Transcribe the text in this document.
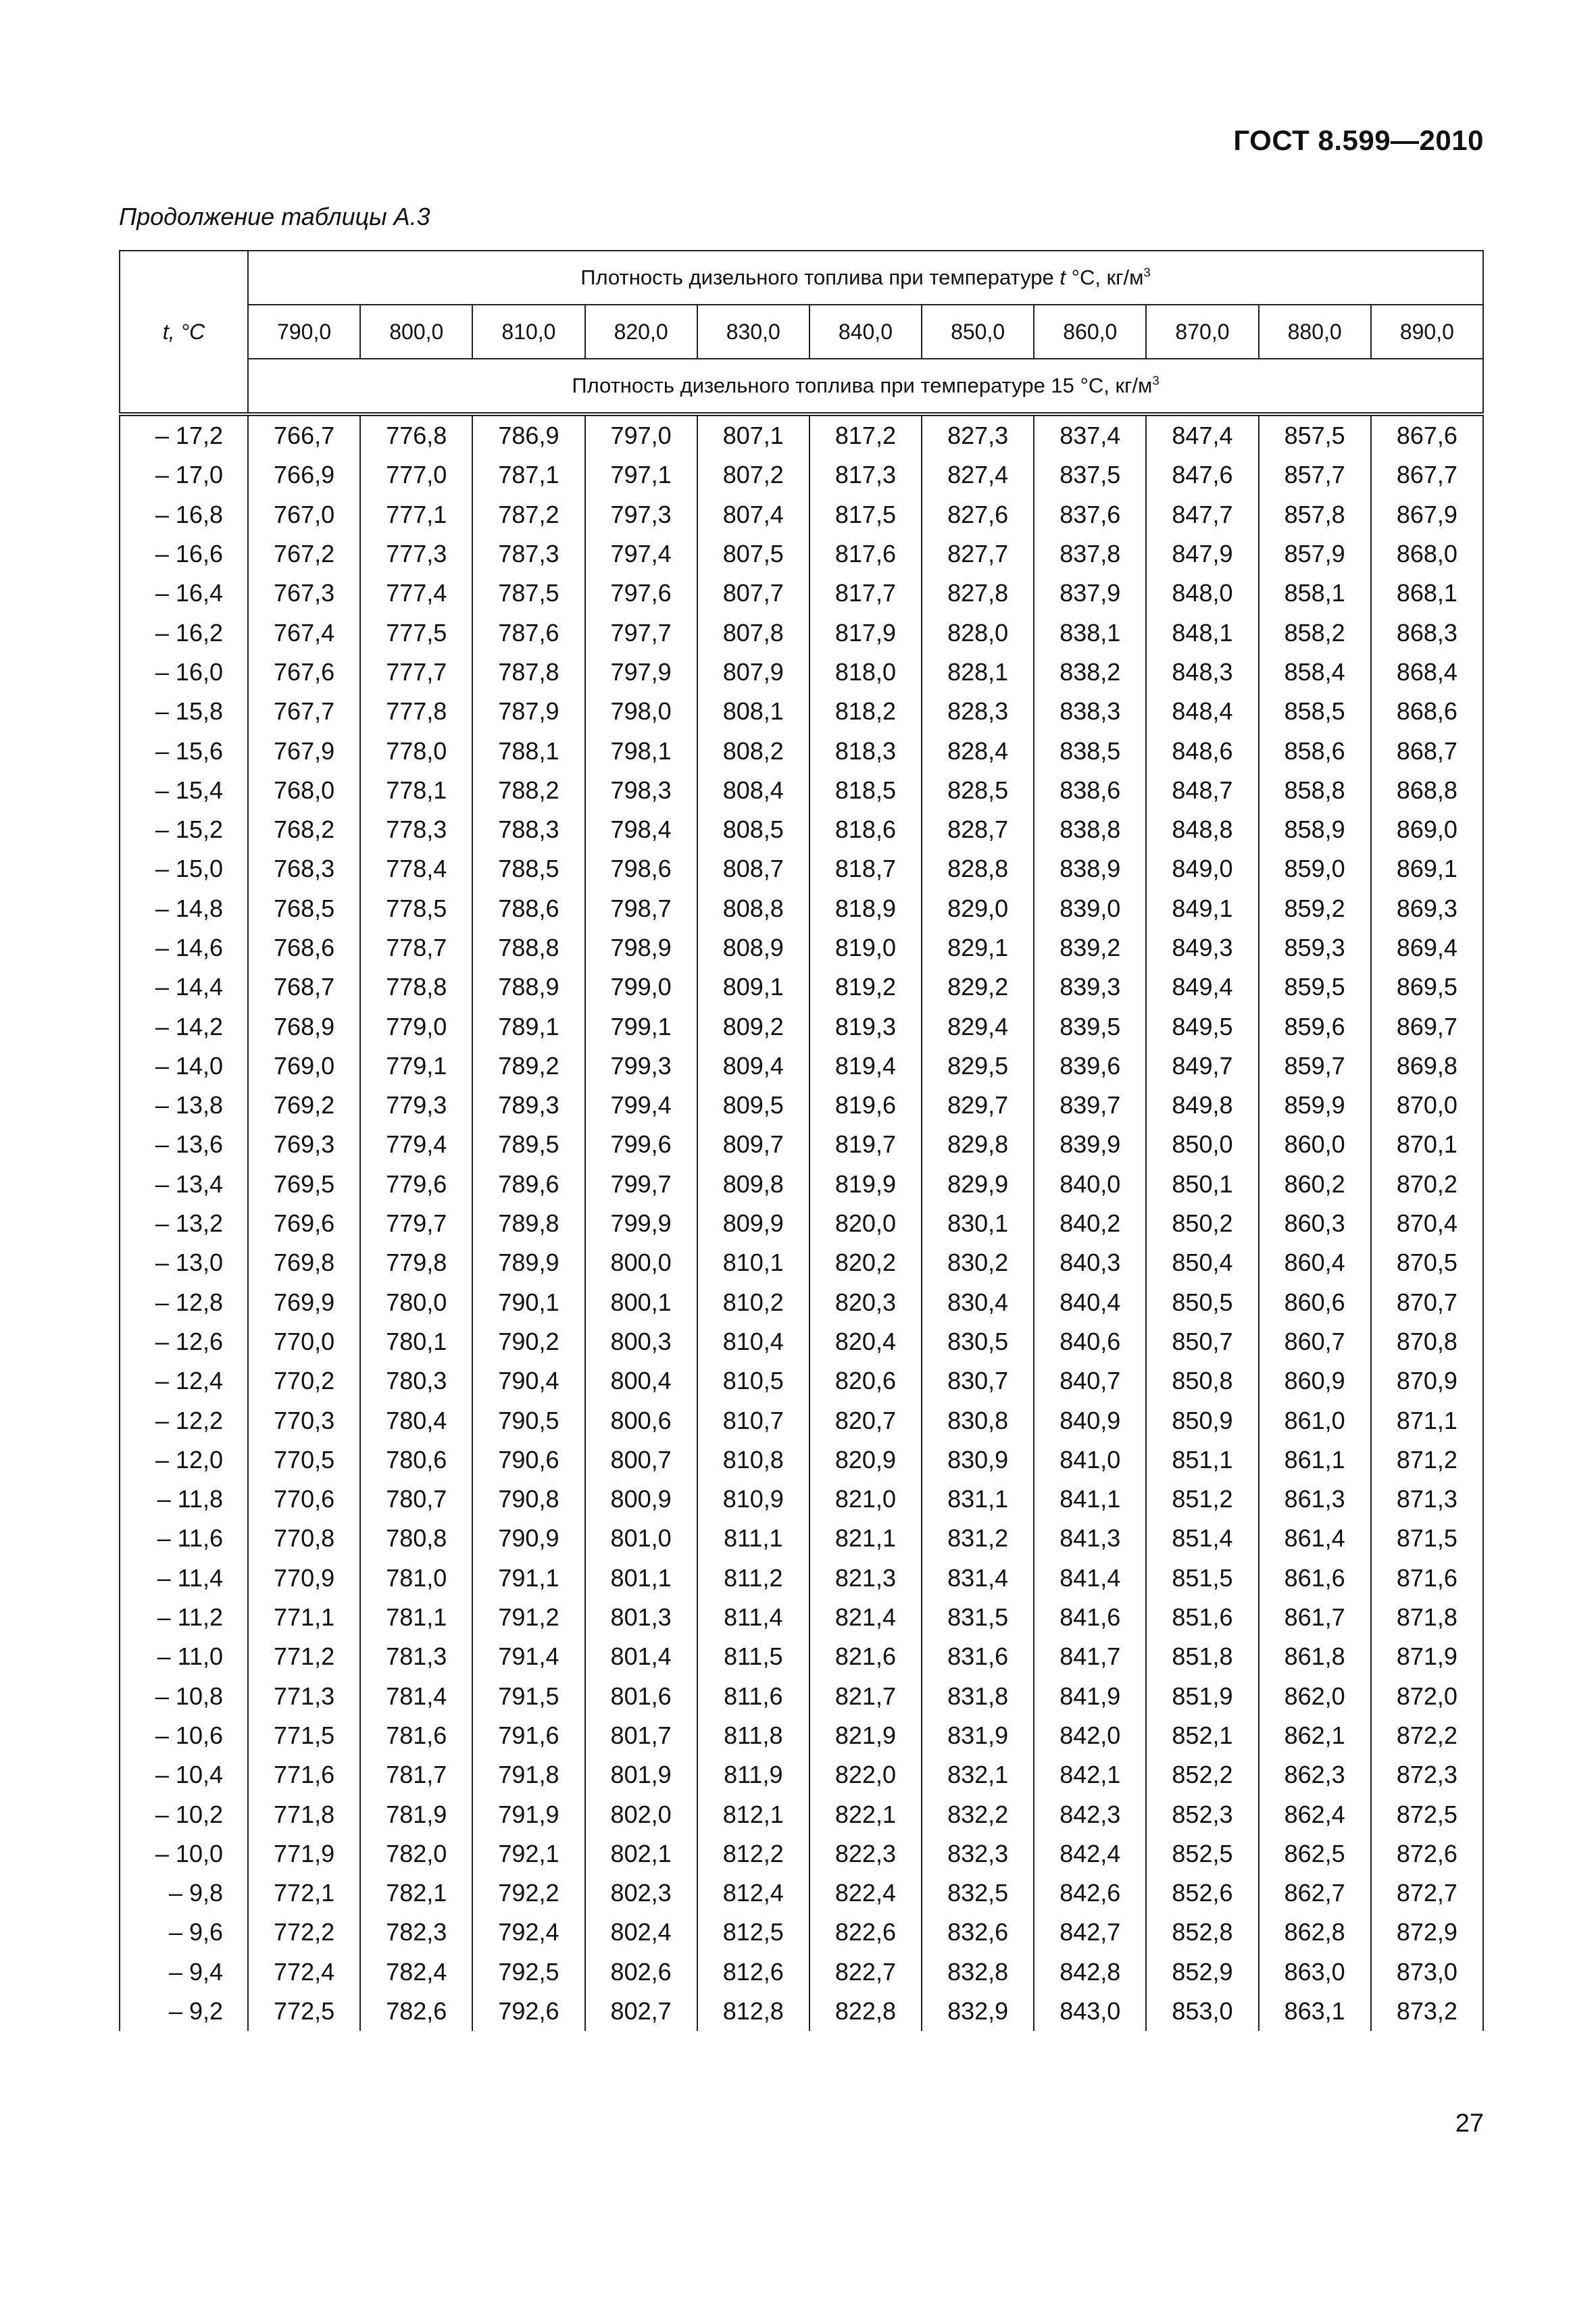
ГОСТ 8.599—2010
Продолжение таблицы А.3
t, °C	Плотность дизельного топлива при температуре t °C, $кг/м^3$
	790,0	800,0	810,0	820,0	830,0	840,0	850,0	860,0	870,0	880,0	890,0
	Плотность дизельного топлива при температуре 15 °C, $кг/м^3$
– 17,2	766,7	776,8	786,9	797,0	807,1	817,2	827,3	837,4	847,4	857,5	867,6
– 17,0	766,9	777,0	787,1	797,1	807,2	817,3	827,4	837,5	847,6	857,7	867,7
– 16,8	767,0	777,1	787,2	797,3	807,4	817,5	827,6	837,6	847,7	857,8	867,9
– 16,6	767,2	777,3	787,3	797,4	807,5	817,6	827,7	837,8	847,9	857,9	868,0
– 16,4	767,3	777,4	787,5	797,6	807,7	817,7	827,8	837,9	848,0	858,1	868,1
– 16,2	767,4	777,5	787,6	797,7	807,8	817,9	828,0	838,1	848,1	858,2	868,3
– 16,0	767,6	777,7	787,8	797,9	807,9	818,0	828,1	838,2	848,3	858,4	868,4
– 15,8	767,7	777,8	787,9	798,0	808,1	818,2	828,3	838,3	848,4	858,5	868,6
– 15,6	767,9	778,0	788,1	798,1	808,2	818,3	828,4	838,5	848,6	858,6	868,7
– 15,4	768,0	778,1	788,2	798,3	808,4	818,5	828,5	838,6	848,7	858,8	868,8
– 15,2	768,2	778,3	788,3	798,4	808,5	818,6	828,7	838,8	848,8	858,9	869,0
– 15,0	768,3	778,4	788,5	798,6	808,7	818,7	828,8	838,9	849,0	859,0	869,1
– 14,8	768,5	778,5	788,6	798,7	808,8	818,9	829,0	839,0	849,1	859,2	869,3
– 14,6	768,6	778,7	788,8	798,9	808,9	819,0	829,1	839,2	849,3	859,3	869,4
– 14,4	768,7	778,8	788,9	799,0	809,1	819,2	829,2	839,3	849,4	859,5	869,5
– 14,2	768,9	779,0	789,1	799,1	809,2	819,3	829,4	839,5	849,5	859,6	869,7
– 14,0	769,0	779,1	789,2	799,3	809,4	819,4	829,5	839,6	849,7	859,7	869,8
– 13,8	769,2	779,3	789,3	799,4	809,5	819,6	829,7	839,7	849,8	859,9	870,0
– 13,6	769,3	779,4	789,5	799,6	809,7	819,7	829,8	839,9	850,0	860,0	870,1
– 13,4	769,5	779,6	789,6	799,7	809,8	819,9	829,9	840,0	850,1	860,2	870,2
– 13,2	769,6	779,7	789,8	799,9	809,9	820,0	830,1	840,2	850,2	860,3	870,4
– 13,0	769,8	779,8	789,9	800,0	810,1	820,2	830,2	840,3	850,4	860,4	870,5
– 12,8	769,9	780,0	790,1	800,1	810,2	820,3	830,4	840,4	850,5	860,6	870,7
– 12,6	770,0	780,1	790,2	800,3	810,4	820,4	830,5	840,6	850,7	860,7	870,8
– 12,4	770,2	780,3	790,4	800,4	810,5	820,6	830,7	840,7	850,8	860,9	870,9
– 12,2	770,3	780,4	790,5	800,6	810,7	820,7	830,8	840,9	850,9	861,0	871,1
– 12,0	770,5	780,6	790,6	800,7	810,8	820,9	830,9	841,0	851,1	861,1	871,2
– 11,8	770,6	780,7	790,8	800,9	810,9	821,0	831,1	841,1	851,2	861,3	871,3
– 11,6	770,8	780,8	790,9	801,0	811,1	821,1	831,2	841,3	851,4	861,4	871,5
– 11,4	770,9	781,0	791,1	801,1	811,2	821,3	831,4	841,4	851,5	861,6	871,6
– 11,2	771,1	781,1	791,2	801,3	811,4	821,4	831,5	841,6	851,6	861,7	871,8
– 11,0	771,2	781,3	791,4	801,4	811,5	821,6	831,6	841,7	851,8	861,8	871,9
– 10,8	771,3	781,4	791,5	801,6	811,6	821,7	831,8	841,9	851,9	862,0	872,0
– 10,6	771,5	781,6	791,6	801,7	811,8	821,9	831,9	842,0	852,1	862,1	872,2
– 10,4	771,6	781,7	791,8	801,9	811,9	822,0	832,1	842,1	852,2	862,3	872,3
– 10,2	771,8	781,9	791,9	802,0	812,1	822,1	832,2	842,3	852,3	862,4	872,5
– 10,0	771,9	782,0	792,1	802,1	812,2	822,3	832,3	842,4	852,5	862,5	872,6
– 9,8	772,1	782,1	792,2	802,3	812,4	822,4	832,5	842,6	852,6	862,7	872,7
– 9,6	772,2	782,3	792,4	802,4	812,5	822,6	832,6	842,7	852,8	862,8	872,9
– 9,4	772,4	782,4	792,5	802,6	812,6	822,7	832,8	842,8	852,9	863,0	873,0
– 9,2	772,5	782,6	792,6	802,7	812,8	822,8	832,9	843,0	853,0	863,1	873,2
27
